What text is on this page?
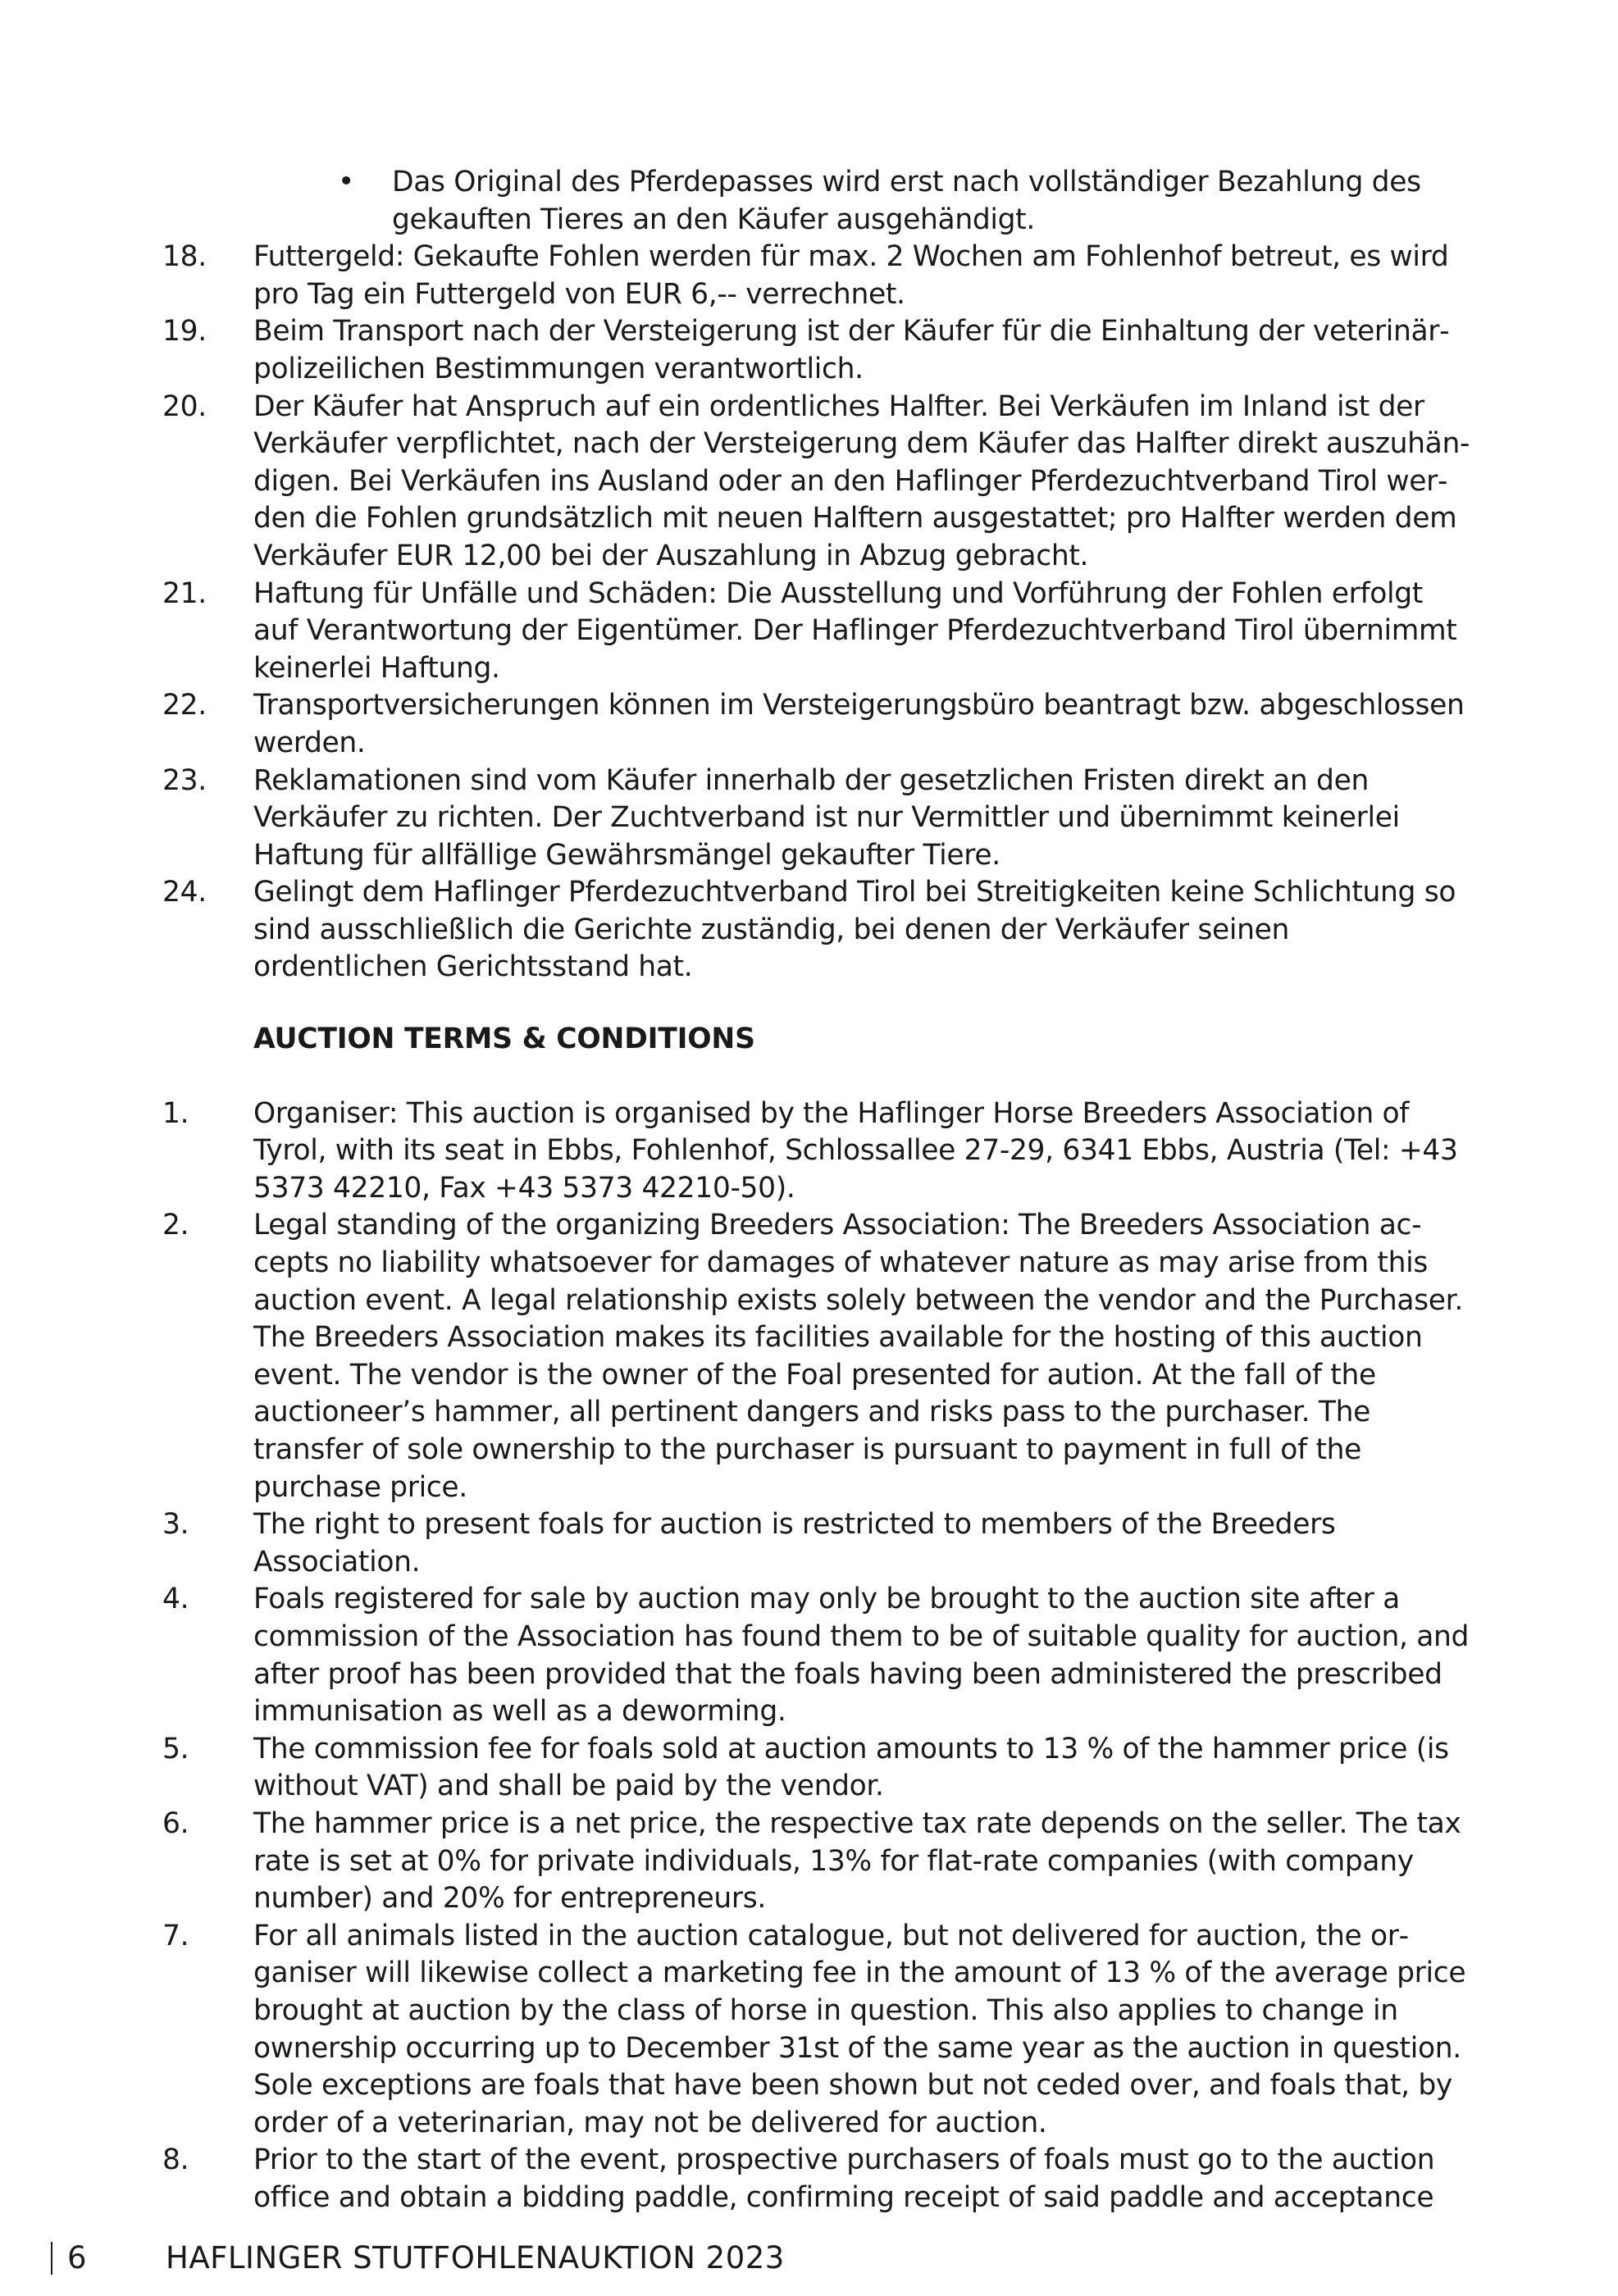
•	Das Original des Pferdepasses wird erst nach vollständiger Bezahlung des gekauften Tieres an den Käufer ausgehändigt.
18.	Futtergeld: Gekaufte Fohlen werden für max. 2 Wochen am Fohlenhof betreut, es wird pro Tag ein Futtergeld von EUR 6,-- verrechnet.
19.	Beim Transport nach der Versteigerung ist der Käufer für die Einhaltung der veterinärpolizeilichen Bestimmungen verantwortlich.
20.	Der Käufer hat Anspruch auf ein ordentliches Halfter. Bei Verkäufen im Inland ist der Verkäufer verpflichtet, nach der Versteigerung dem Käufer das Halfter direkt auszuhändigen. Bei Verkäufen ins Ausland oder an den Haflinger Pferdezuchtverband Tirol werden die Fohlen grundsätzlich mit neuen Halftern ausgestattet; pro Halfter werden dem Verkäufer EUR 12,00 bei der Auszahlung in Abzug gebracht.
21.	Haftung für Unfälle und Schäden: Die Ausstellung und Vorführung der Fohlen erfolgt auf Verantwortung der Eigentümer. Der Haflinger Pferdezuchtverband Tirol übernimmt keinerlei Haftung.
22.	Transportversicherungen können im Versteigerungsbüro beantragt bzw. abgeschlossen werden.
23.	Reklamationen sind vom Käufer innerhalb der gesetzlichen Fristen direkt an den Verkäufer zu richten. Der Zuchtverband ist nur Vermittler und übernimmt keinerlei Haftung für allfällige Gewährsmängel gekaufter Tiere.
24.	Gelingt dem Haflinger Pferdezuchtverband Tirol bei Streitigkeiten keine Schlichtung so sind ausschließlich die Gerichte zuständig, bei denen der Verkäufer seinen ordentlichen Gerichtsstand hat.
AUCTION TERMS & CONDITIONS
1.	Organiser: This auction is organised by the Haflinger Horse Breeders Association of Tyrol, with its seat in Ebbs, Fohlenhof, Schlossallee 27-29, 6341 Ebbs, Austria (Tel: +43 5373 42210, Fax +43 5373 42210-50).
2.	Legal standing of the organizing Breeders Association: The Breeders Association accepts no liability whatsoever for damages of whatever nature as may arise from this auction event. A legal relationship exists solely between the vendor and the Purchaser. The Breeders Association makes its facilities available for the hosting of this auction event. The vendor is the owner of the Foal presented for aution. At the fall of the auctioneer’s hammer, all pertinent dangers and risks pass to the purchaser. The transfer of sole ownership to the purchaser is pursuant to payment in full of the purchase price.
3.	The right to present foals for auction is restricted to members of the Breeders Association.
4.	Foals registered for sale by auction may only be brought to the auction site after a commission of the Association has found them to be of suitable quality for auction, and after proof has been provided that the foals having been administered the prescribed immunisation as well as a deworming.
5.	The commission fee for foals sold at auction amounts to 13 % of the hammer price (is without VAT) and shall be paid by the vendor.
6.	The hammer price is a net price, the respective tax rate depends on the seller. The tax rate is set at 0% for private individuals, 13% for flat-rate companies (with company number) and 20% for entrepreneurs.
7.	For all animals listed in the auction catalogue, but not delivered for auction, the organiser will likewise collect a marketing fee in the amount of 13 % of the average price brought at auction by the class of horse in question. This also applies to change in ownership occurring up to December 31st of the same year as the auction in question. Sole exceptions are foals that have been shown but not ceded over, and foals that, by order of a veterinarian, may not be delivered for auction.
8.	Prior to the start of the event, prospective purchasers of foals must go to the auction office and obtain a bidding paddle, confirming receipt of said paddle and acceptance
6	HAFLINGER STUTFOHLENAUKTION 2023
